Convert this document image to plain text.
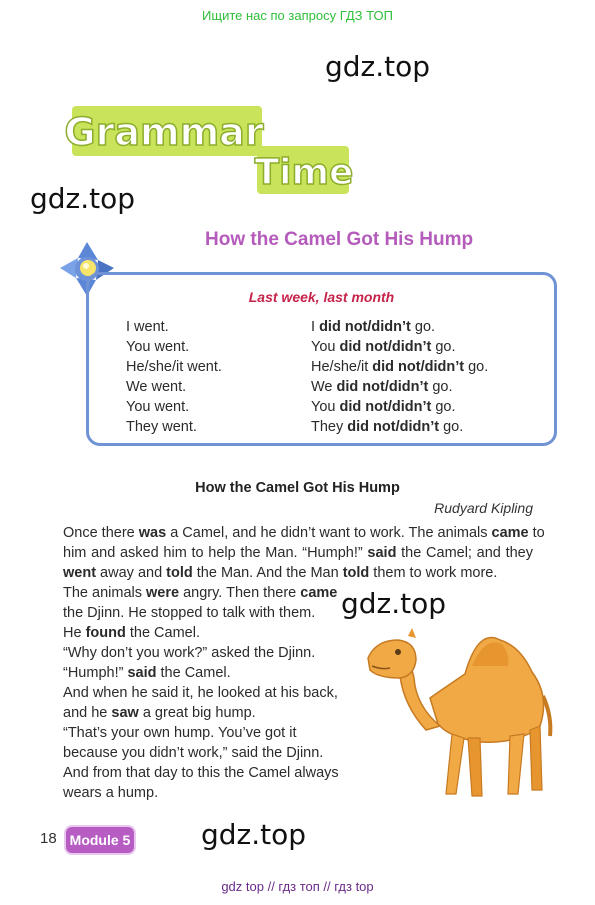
Ищите нас по запросу ГДЗ ТОП
gdz.top
gdz.top
gdz.top
gdz.top
Grammar
Time
How the Camel Got His Hump
Last week, last month
I went.
You went.
He/she/it went.
We went.
You went.
They went.
I did not/didn’t go.
You did not/didn’t go.
He/she/it did not/didn’t go.
We did not/didn’t go.
You did not/didn’t go.
They did not/didn’t go.
How the Camel Got His Hump
Rudyard Kipling
Once there was a Camel, and he didn’t want to work. The animals came to
him and asked him to help the Man. “Humph!” said the Camel; and they
went away and told the Man. And the Man told them to work more.
The animals were angry. Then there came
the Djinn. He stopped to talk with them.
He found the Camel.
“Why don’t you work?” asked the Djinn.
“Humph!” said the Camel.
And when he said it, he looked at his back,
and he saw a great big hump.
“That’s your own hump. You’ve got it
because you didn’t work,” said the Djinn.
And from that day to this the Camel always
wears a hump.
18 Module 5
gdz top // гдз топ // гдз top
